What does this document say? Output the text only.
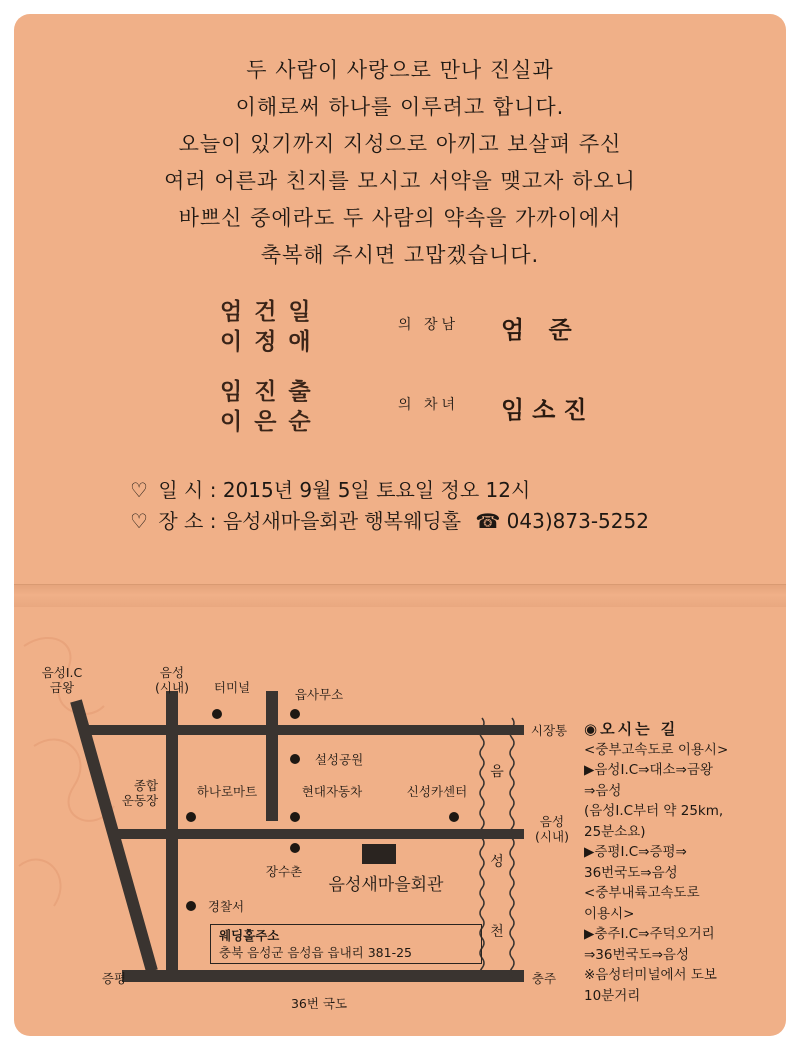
두 사람이 사랑으로 만나 진실과
이해로써 하나를 이루려고 합니다.
오늘이 있기까지 지성으로 아끼고 보살펴 주신
여러 어른과 친지를 모시고 서약을 맺고자 하오니
바쁘신 중에라도 두 사람의 약속을 가까이에서
축복해 주시면 고맙겠습니다.
엄건일
이정애
의 장남 엄 준
임진출
이은순
의 차녀 임소진
♡ 일 시 : 2015년 9월 5일 토요일 정오 12시
♡ 장 소 : 음성새마을회관 행복웨딩홀 ☎ 043)873-5252
음
성
천
음성I.C
금왕
음성
(시내) 터미널	읍사무소
시장통
설성공원
종합
운동장
하나로마트	현대자동차	신성카센터
음성
(시내)
장수촌
경찰서
증평	충주
36번 국도
음성새마을회관
웨딩홀주소
충북 음성군 음성읍 읍내리 381-25
◉오시는 길
<중부고속도로 이용시>
▶음성I.C⇒대소⇒금왕
⇒음성
(음성I.C부터 약 25km,
25분소요)
▶증평I.C⇒증평⇒
36번국도⇒음성
<중부내륙고속도로
이용시>
▶충주I.C⇒주덕오거리
⇒36번국도⇒음성
※음성터미널에서 도보
10분거리
